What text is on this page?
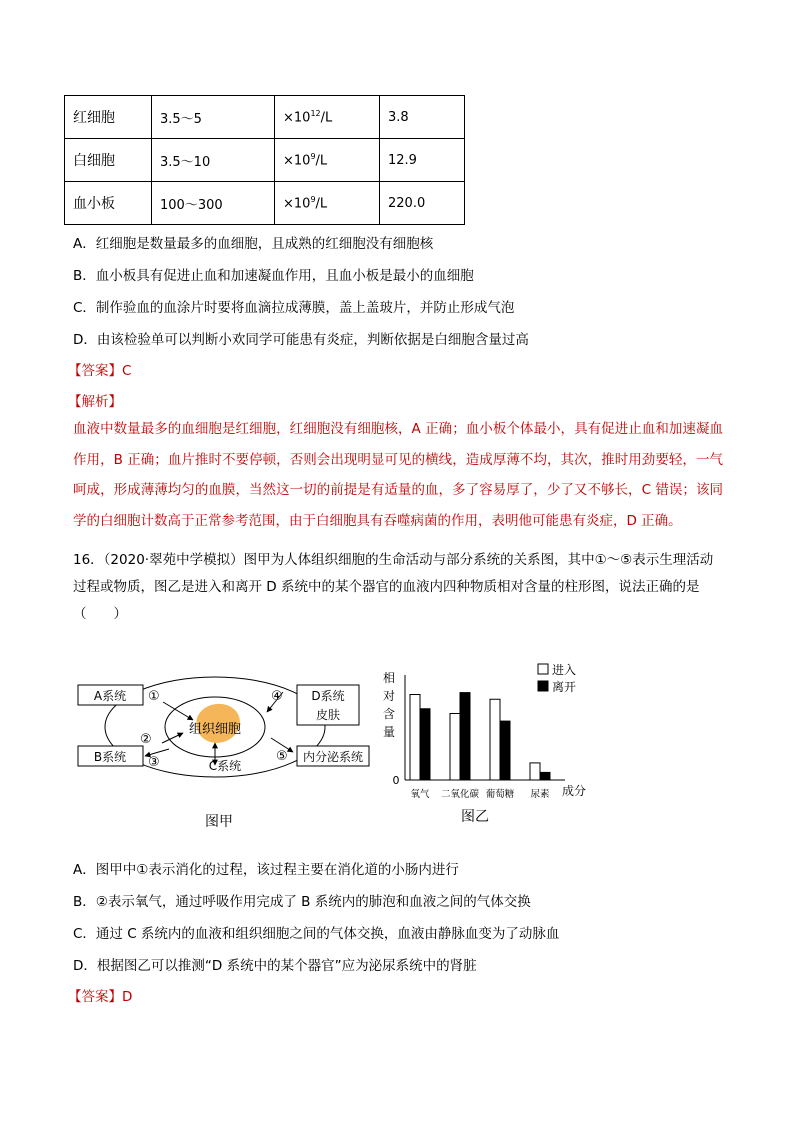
红细胞	3.5～5	$\times 10^{12}/L$	3.8
白细胞	3.5～10	$\times 10^9/L$	12.9
血小板	100～300	$\times 10^9/L$	220.0
A．红细胞是数量最多的血细胞，且成熟的红细胞没有细胞核
B．血小板具有促进止血和加速凝血作用，且血小板是最小的血细胞
C．制作验血的血涂片时要将血滴拉成薄膜，盖上盖玻片，并防止形成气泡
D．由该检验单可以判断小欢同学可能患有炎症，判断依据是白细胞含量过高
【答案】C
【解析】
血液中数量最多的血细胞是红细胞，红细胞没有细胞核，A 正确；血小板个体最小，具有促进止血和加速凝血作用，B 正确；血片推时不要停顿，否则会出现明显可见的横线，造成厚薄不均，其次，推时用劲要轻，一气呵成，形成薄薄均匀的血膜，当然这一切的前提是有适量的血，多了容易厚了，少了又不够长，C 错误；该同学的白细胞计数高于正常参考范围，由于白细胞具有吞噬病菌的作用，表明他可能患有炎症，D 正确。
16．（2020·翠苑中学模拟）图甲为人体组织细胞的生命活动与部分系统的关系图，其中①～⑤表示生理活动过程或物质，图乙是进入和离开 D 系统中的某个器官的血液内四种物质相对含量的柱形图，说法正确的是（　　）
A系统
B系统
D系统
皮肤
内分泌系统
组织细胞
C系统
①
②
③
④
⑤
图甲
相
对
含
量
0
成分
氧气 二氧化碳 葡萄糖 尿素
进入
离开
图乙
A．图甲中①表示消化的过程，该过程主要在消化道的小肠内进行
B．②表示氧气，通过呼吸作用完成了 B 系统内的肺泡和血液之间的气体交换
C．通过 C 系统内的血液和组织细胞之间的气体交换，血液由静脉血变为了动脉血
D．根据图乙可以推测“D 系统中的某个器官”应为泌尿系统中的肾脏
【答案】D
